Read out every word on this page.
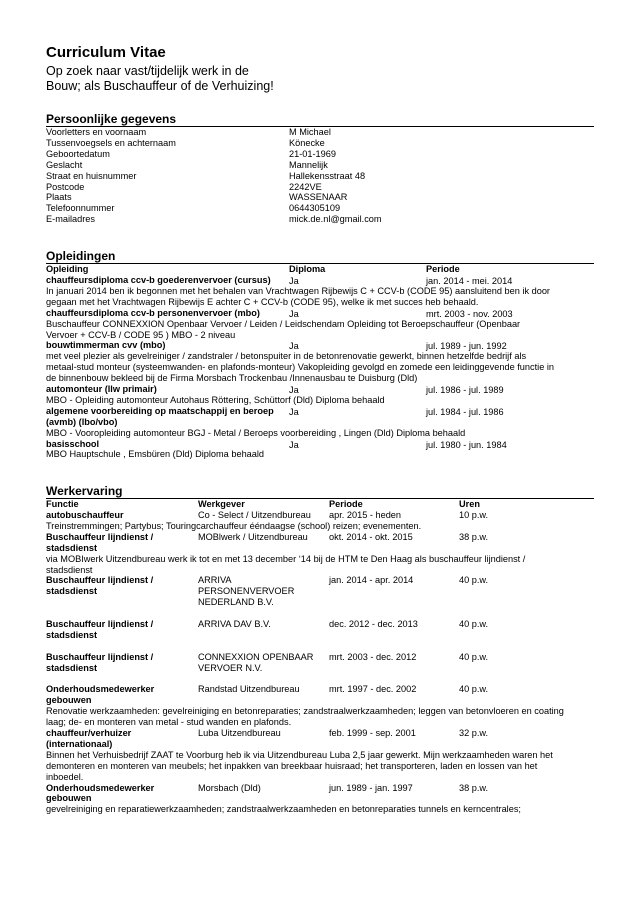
Curriculum Vitae
Op zoek naar vast/tijdelijk werk in de
Bouw; als Buschauffeur of de Verhuizing!
Persoonlijke gegevens
Voorletters en voornaam	M Michael
Tussenvoegsels en achternaam	Könecke
Geboortedatum	21-01-1969
Geslacht	Mannelijk
Straat en huisnummer	Hallekensstraat 48
Postcode	2242VE
Plaats	WASSENAAR
Telefoonnummer	0644305109
E-mailadres	mick.de.nl@gmail.com
Opleidingen
Opleiding	Diploma	Periode
chauffeursdiploma ccv-b goederenvervoer (cursus) Ja	jan. 2014 - mei. 2014
In januari 2014 ben ik begonnen met het behalen van Vrachtwagen Rijbewijs C + CCV-b (CODE 95) aansluitend ben ik door
gegaan met het Vrachtwagen Rijbewijs E achter C + CCV-b (CODE 95), welke ik met succes heb behaald.
chauffeursdiploma ccv-b personenvervoer (mbo)	Ja	mrt. 2003 - nov. 2003
Buschauffeur CONNEXXION Openbaar Vervoer / Leiden / Leidschendam Opleiding tot Beroepschauffeur (Openbaar
Vervoer + CCV-B / CODE 95 ) MBO - 2 niveau
bouwtimmerman cvv (mbo)	Ja	jul. 1989 - jun. 1992
met veel plezier als gevelreiniger / zandstraler / betonspuiter in de betonrenovatie gewerkt, binnen hetzelfde bedrijf als
metaal-stud monteur (systeemwanden- en plafonds-monteur) Vakopleiding gevolgd en zomede een leidinggevende functie in
de binnenbouw bekleed bij de Firma Morsbach Trockenbau /Innenausbau te Duisburg (Dld)
automonteur (llw primair)	Ja	jul. 1986 - jul. 1989
MBO - Opleiding automonteur Autohaus Röttering, Schüttorf (Dld) Diploma behaald
algemene voorbereiding op maatschappij en beroep Ja	jul. 1984 - jul. 1986
(avmb) (lbo/vbo)
MBO - Vooropleiding automonteur BGJ - Metal / Beroeps voorbereiding , Lingen (Dld) Diploma behaald
basisschool	Ja	jul. 1980 - jun. 1984
MBO Hauptschule , Emsbüren (Dld) Diploma behaald
Werkervaring
Functie	Werkgever	Periode	Uren
autobuschauffeur	Co - Select / Uitzendbureau apr. 2015 - heden	10 p.w.
Treinstremmingen; Partybus; Touringcarchauffeur ééndaagse (school) reizen; evenementen.
Buschauffeur lijndienst /	MOBlwerk / Uitzendbureau okt. 2014 - okt. 2015	38 p.w.
stadsdienst
via MOBIwerk Uitzendbureau werk ik tot en met 13 december ‘14 bij de HTM te Den Haag als buschauffeur lijndienst /
stadsdienst
Buschauffeur lijndienst /	ARRIVA	jan. 2014 - apr. 2014	40 p.w.
stadsdienst	PERSONENVERVOER
NEDERLAND B.V.
Buschauffeur lijndienst /	ARRIVA DAV B.V.	dec. 2012 - dec. 2013	40 p.w.
stadsdienst
Buschauffeur lijndienst /	CONNEXXION OPENBAAR mrt. 2003 - dec. 2012	40 p.w.
stadsdienst	VERVOER N.V.
Onderhoudsmedewerker	Randstad Uitzendbureau	mrt. 1997 - dec. 2002	40 p.w.
gebouwen
Renovatie werkzaamheden: gevelreiniging en betonreparaties; zandstraalwerkzaamheden; leggen van betonvloeren en coating
laag; de- en monteren van metal - stud wanden en plafonds.
chauffeur/verhuizer	Luba Uitzendbureau	feb. 1999 - sep. 2001	32 p.w.
(internationaal)
Binnen het Verhuisbedrijf ZAAT te Voorburg heb ik via Uitzendbureau Luba 2,5 jaar gewerkt. Mijn werkzaamheden waren het
demonteren en monteren van meubels; het inpakken van breekbaar huisraad; het transporteren, laden en lossen van het
inboedel.
Onderhoudsmedewerker	Morsbach (Dld)	jun. 1989 - jan. 1997	38 p.w.
gebouwen
gevelreiniging en reparatiewerkzaamheden; zandstraalwerkzaamheden en betonreparaties tunnels en kerncentrales;
